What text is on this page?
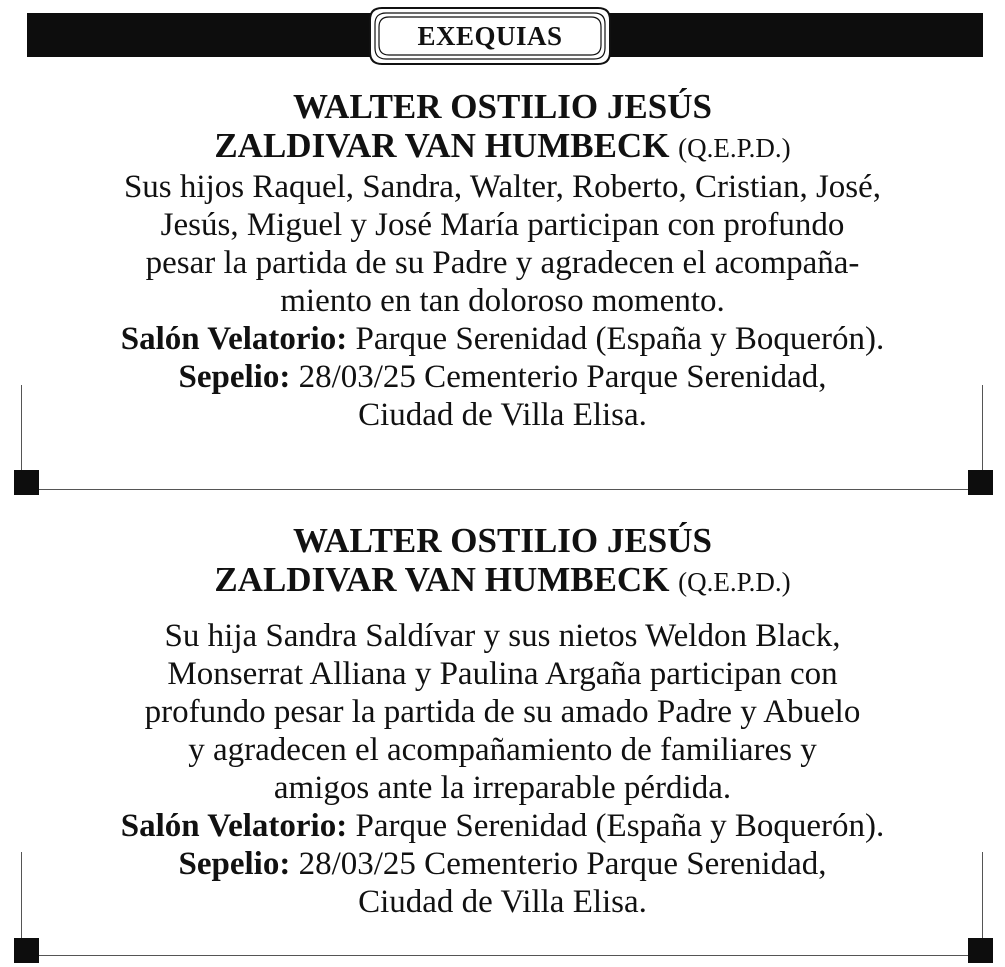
EXEQUIAS
WALTER OSTILIO JESÚS
ZALDIVAR VAN HUMBECK (Q.E.P.D.)
Sus hijos Raquel, Sandra, Walter, Roberto, Cristian, José,
Jesús, Miguel y José María participan con profundo
pesar la partida de su Padre y agradecen el acompaña-
miento en tan doloroso momento.
Salón Velatorio: Parque Serenidad (España y Boquerón).
Sepelio: 28/03/25 Cementerio Parque Serenidad,
Ciudad de Villa Elisa.
WALTER OSTILIO JESÚS
ZALDIVAR VAN HUMBECK (Q.E.P.D.)
Su hija Sandra Saldívar y sus nietos Weldon Black,
Monserrat Alliana y Paulina Argaña participan con
profundo pesar la partida de su amado Padre y Abuelo
y agradecen el acompañamiento de familiares y
amigos ante la irreparable pérdida.
Salón Velatorio: Parque Serenidad (España y Boquerón).
Sepelio: 28/03/25 Cementerio Parque Serenidad,
Ciudad de Villa Elisa.
